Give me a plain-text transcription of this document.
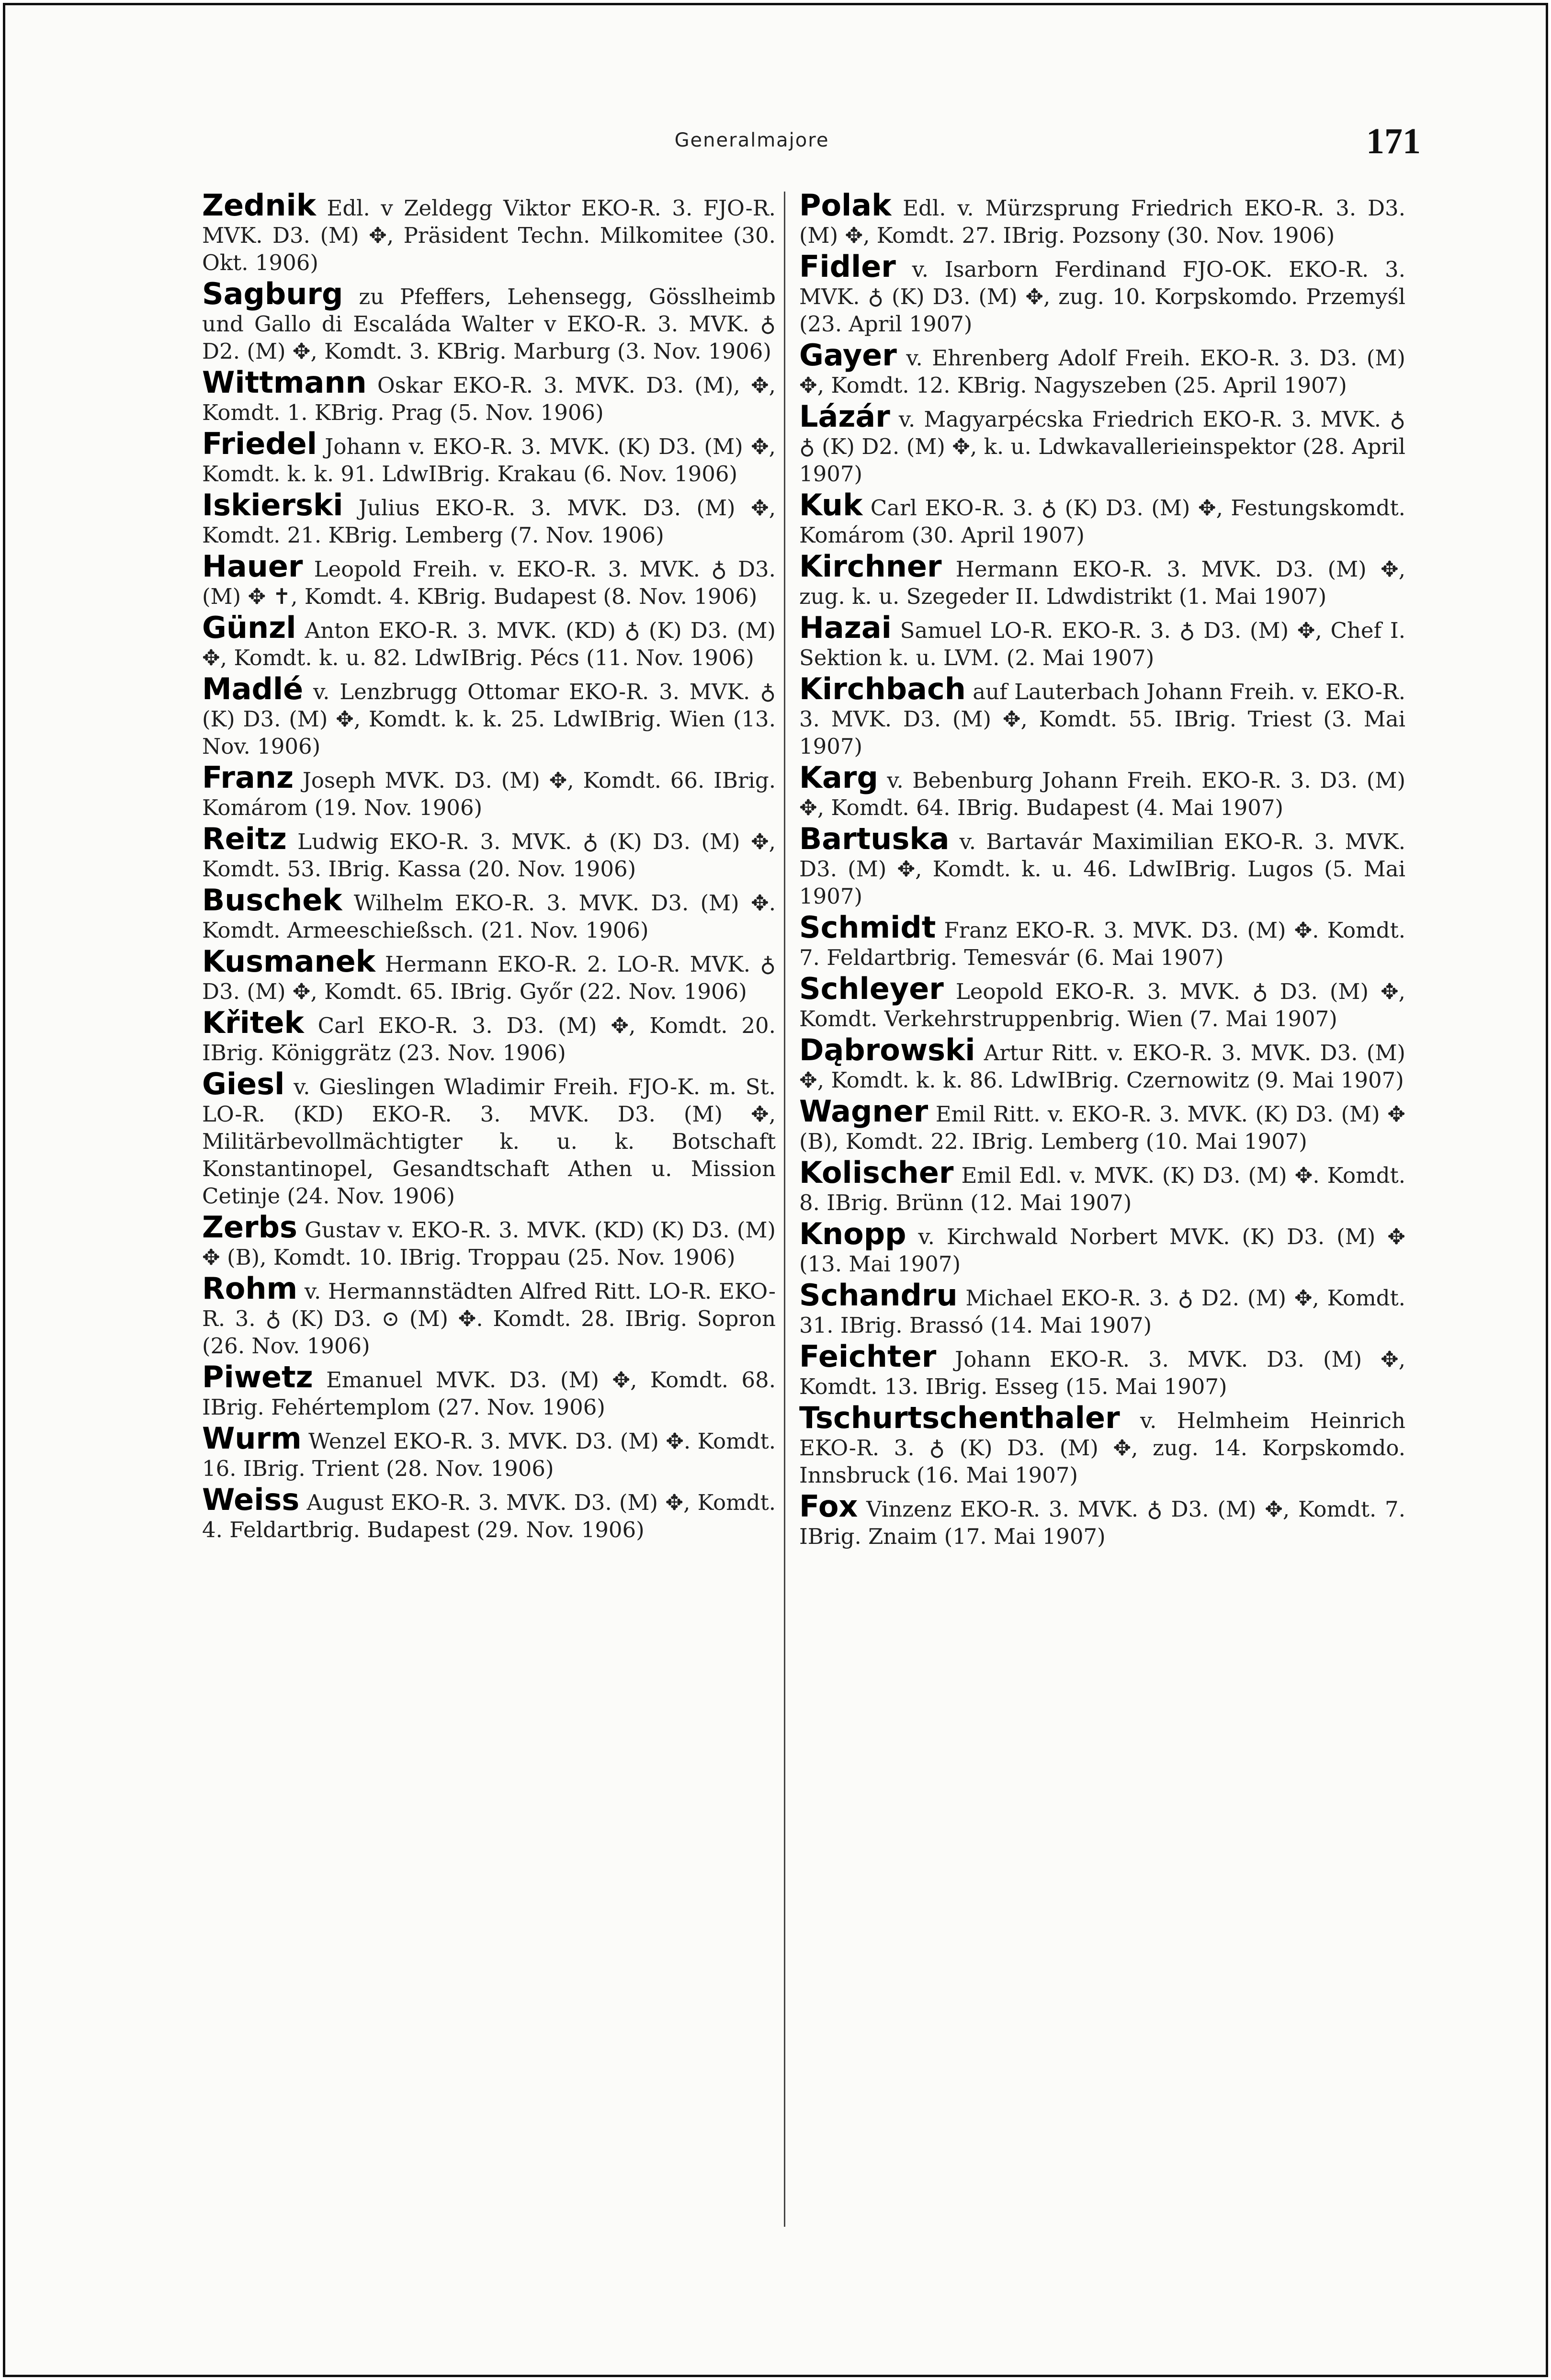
Generalmajore	171

Zednik Edl. v Zeldegg Viktor EKO-R. 3. FJO-R. MVK. D3. (M) ✥, Präsident Techn. Milkomitee (30. Okt. 1906)

Sagburg zu Pfeffers, Lehensegg, Gösslheimb und Gallo di Escaláda Walter v EKO-R. 3. MVK. ♁ D2. (M) ✥, Komdt. 3. KBrig. Marburg (3. Nov. 1906)

Wittmann Oskar EKO-R. 3. MVK. D3. (M), ✥, Komdt. 1. KBrig. Prag (5. Nov. 1906)

Friedel Johann v. EKO-R. 3. MVK. (K) D3. (M) ✥, Komdt. k. k. 91. LdwIBrig. Krakau (6. Nov. 1906)

Iskierski Julius EKO-R. 3. MVK. D3. (M) ✥, Komdt. 21. KBrig. Lemberg (7. Nov. 1906)

Hauer Leopold Freih. v. EKO-R. 3. MVK. ♁ D3. (M) ✥ ✝, Komdt. 4. KBrig. Budapest (8. Nov. 1906)

Günzl Anton EKO-R. 3. MVK. (KD) ♁ (K) D3. (M) ✥, Komdt. k. u. 82. LdwIBrig. Pécs (11. Nov. 1906)

Madlé v. Lenzbrugg Ottomar EKO-R. 3. MVK. ♁ (K) D3. (M) ✥, Komdt. k. k. 25. LdwIBrig. Wien (13. Nov. 1906)

Franz Joseph MVK. D3. (M) ✥, Komdt. 66. IBrig. Komárom (19. Nov. 1906)

Reitz Ludwig EKO-R. 3. MVK. ♁ (K) D3. (M) ✥, Komdt. 53. IBrig. Kassa (20. Nov. 1906)

Buschek Wilhelm EKO-R. 3. MVK. D3. (M) ✥. Komdt. Armeeschießsch. (21. Nov. 1906)

Kusmanek Hermann EKO-R. 2. LO-R. MVK. ♁ D3. (M) ✥, Komdt. 65. IBrig. Győr (22. Nov. 1906)

Křitek Carl EKO-R. 3. D3. (M) ✥, Komdt. 20. IBrig. Königgrätz (23. Nov. 1906)

Giesl v. Gieslingen Wladimir Freih. FJO-K. m. St. LO-R. (KD) EKO-R. 3. MVK. D3. (M) ✥, Militärbevollmächtigter k. u. k. Botschaft Konstantinopel, Gesandtschaft Athen u. Mission Cetinje (24. Nov. 1906)

Zerbs Gustav v. EKO-R. 3. MVK. (KD) (K) D3. (M) ✥ (B), Komdt. 10. IBrig. Troppau (25. Nov. 1906)

Rohm v. Hermannstädten Alfred Ritt. LO-R. EKO-R. 3. ♁ (K) D3. ⊙ (M) ✥. Komdt. 28. IBrig. Sopron (26. Nov. 1906)

Piwetz Emanuel MVK. D3. (M) ✥, Komdt. 68. IBrig. Fehértemplom (27. Nov. 1906)

Wurm Wenzel EKO-R. 3. MVK. D3. (M) ✥. Komdt. 16. IBrig. Trient (28. Nov. 1906)

Weiss August EKO-R. 3. MVK. D3. (M) ✥, Komdt. 4. Feldartbrig. Budapest (29. Nov. 1906)

Polak Edl. v. Mürzsprung Friedrich EKO-R. 3. D3. (M) ✥, Komdt. 27. IBrig. Pozsony (30. Nov. 1906)

Fidler v. Isarborn Ferdinand FJO-OK. EKO-R. 3. MVK. ♁ (K) D3. (M) ✥, zug. 10. Korpskomdo. Przemyśl (23. April 1907)

Gayer v. Ehrenberg Adolf Freih. EKO-R. 3. D3. (M) ✥, Komdt. 12. KBrig. Nagyszeben (25. April 1907)

Lázár v. Magyarpécska Friedrich EKO-R. 3. MVK. ♁ ♁ (K) D2. (M) ✥, k. u. Ldwkavallerieinspektor (28. April 1907)

Kuk Carl EKO-R. 3. ♁ (K) D3. (M) ✥, Festungskomdt. Komárom (30. April 1907)

Kirchner Hermann EKO-R. 3. MVK. D3. (M) ✥, zug. k. u. Szegeder II. Ldwdistrikt (1. Mai 1907)

Hazai Samuel LO-R. EKO-R. 3. ♁ D3. (M) ✥, Chef I. Sektion k. u. LVM. (2. Mai 1907)

Kirchbach auf Lauterbach Johann Freih. v. EKO-R. 3. MVK. D3. (M) ✥, Komdt. 55. IBrig. Triest (3. Mai 1907)

Karg v. Bebenburg Johann Freih. EKO-R. 3. D3. (M) ✥, Komdt. 64. IBrig. Budapest (4. Mai 1907)

Bartuska v. Bartavár Maximilian EKO-R. 3. MVK. D3. (M) ✥, Komdt. k. u. 46. LdwIBrig. Lugos (5. Mai 1907)

Schmidt Franz EKO-R. 3. MVK. D3. (M) ✥. Komdt. 7. Feldartbrig. Temesvár (6. Mai 1907)

Schleyer Leopold EKO-R. 3. MVK. ♁ D3. (M) ✥, Komdt. Verkehrstruppenbrig. Wien (7. Mai 1907)

Dąbrowski Artur Ritt. v. EKO-R. 3. MVK. D3. (M) ✥, Komdt. k. k. 86. LdwIBrig. Czernowitz (9. Mai 1907)

Wagner Emil Ritt. v. EKO-R. 3. MVK. (K) D3. (M) ✥ (B), Komdt. 22. IBrig. Lemberg (10. Mai 1907)

Kolischer Emil Edl. v. MVK. (K) D3. (M) ✥. Komdt. 8. IBrig. Brünn (12. Mai 1907)

Knopp v. Kirchwald Norbert MVK. (K) D3. (M) ✥ (13. Mai 1907)

Schandru Michael EKO-R. 3. ♁ D2. (M) ✥, Komdt. 31. IBrig. Brassó (14. Mai 1907)

Feichter Johann EKO-R. 3. MVK. D3. (M) ✥, Komdt. 13. IBrig. Esseg (15. Mai 1907)

Tschurtschenthaler v. Helmheim Heinrich EKO-R. 3. ♁ (K) D3. (M) ✥, zug. 14. Korpskomdo. Innsbruck (16. Mai 1907)

Fox Vinzenz EKO-R. 3. MVK. ♁ D3. (M) ✥, Komdt. 7. IBrig. Znaim (17. Mai 1907)
